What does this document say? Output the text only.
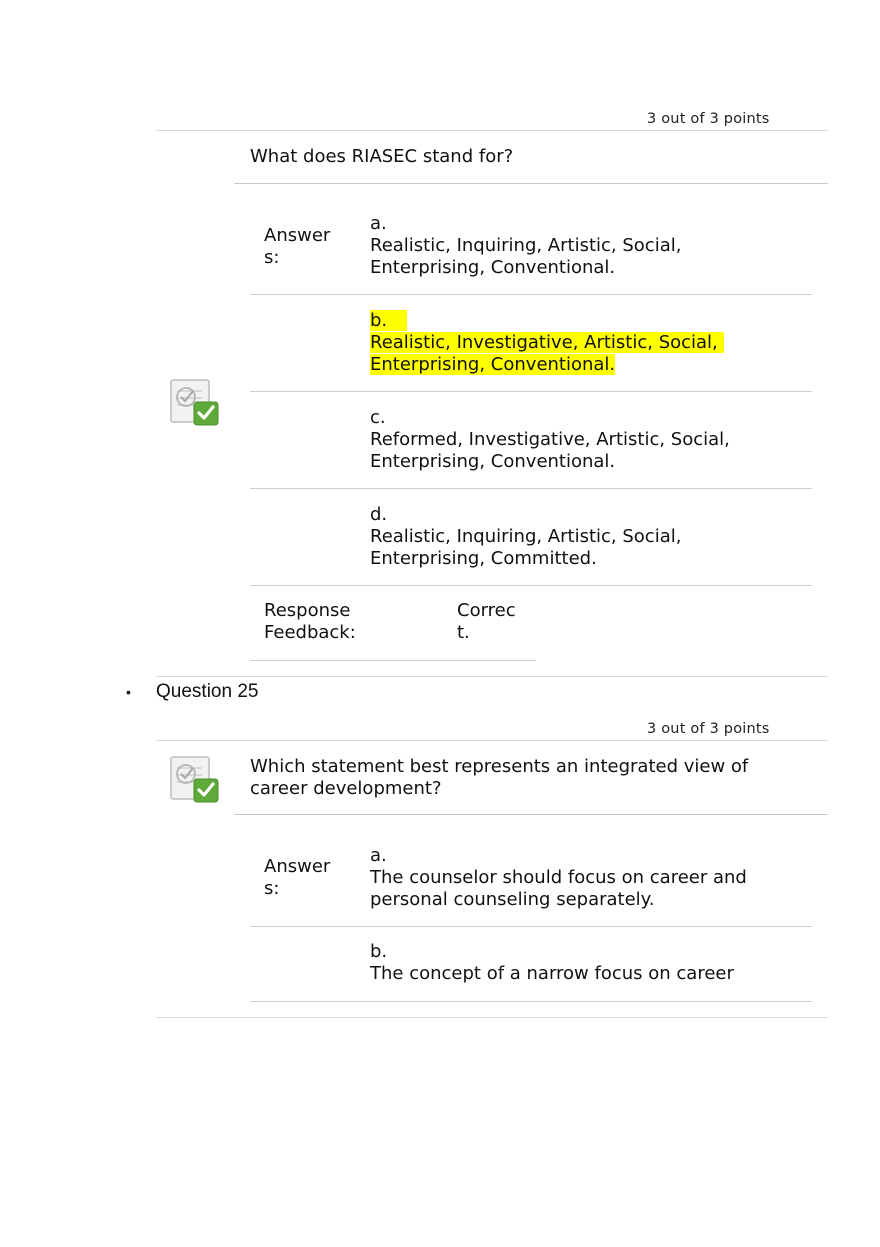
3 out of 3 points
What does RIASEC stand for?
Answer
s:
a.
Realistic, Inquiring, Artistic, Social,
Enterprising, Conventional.
b.
Realistic, Investigative, Artistic, Social,
Enterprising, Conventional.
c.
Reformed, Investigative, Artistic, Social,
Enterprising, Conventional.
d.
Realistic, Inquiring, Artistic, Social,
Enterprising, Committed.
Response
Feedback:
Correc
t.
• Question 25
3 out of 3 points
Which statement best represents an integrated view of
career development?
Answer
s:
a.
The counselor should focus on career and
personal counseling separately.
b.
The concept of a narrow focus on career
